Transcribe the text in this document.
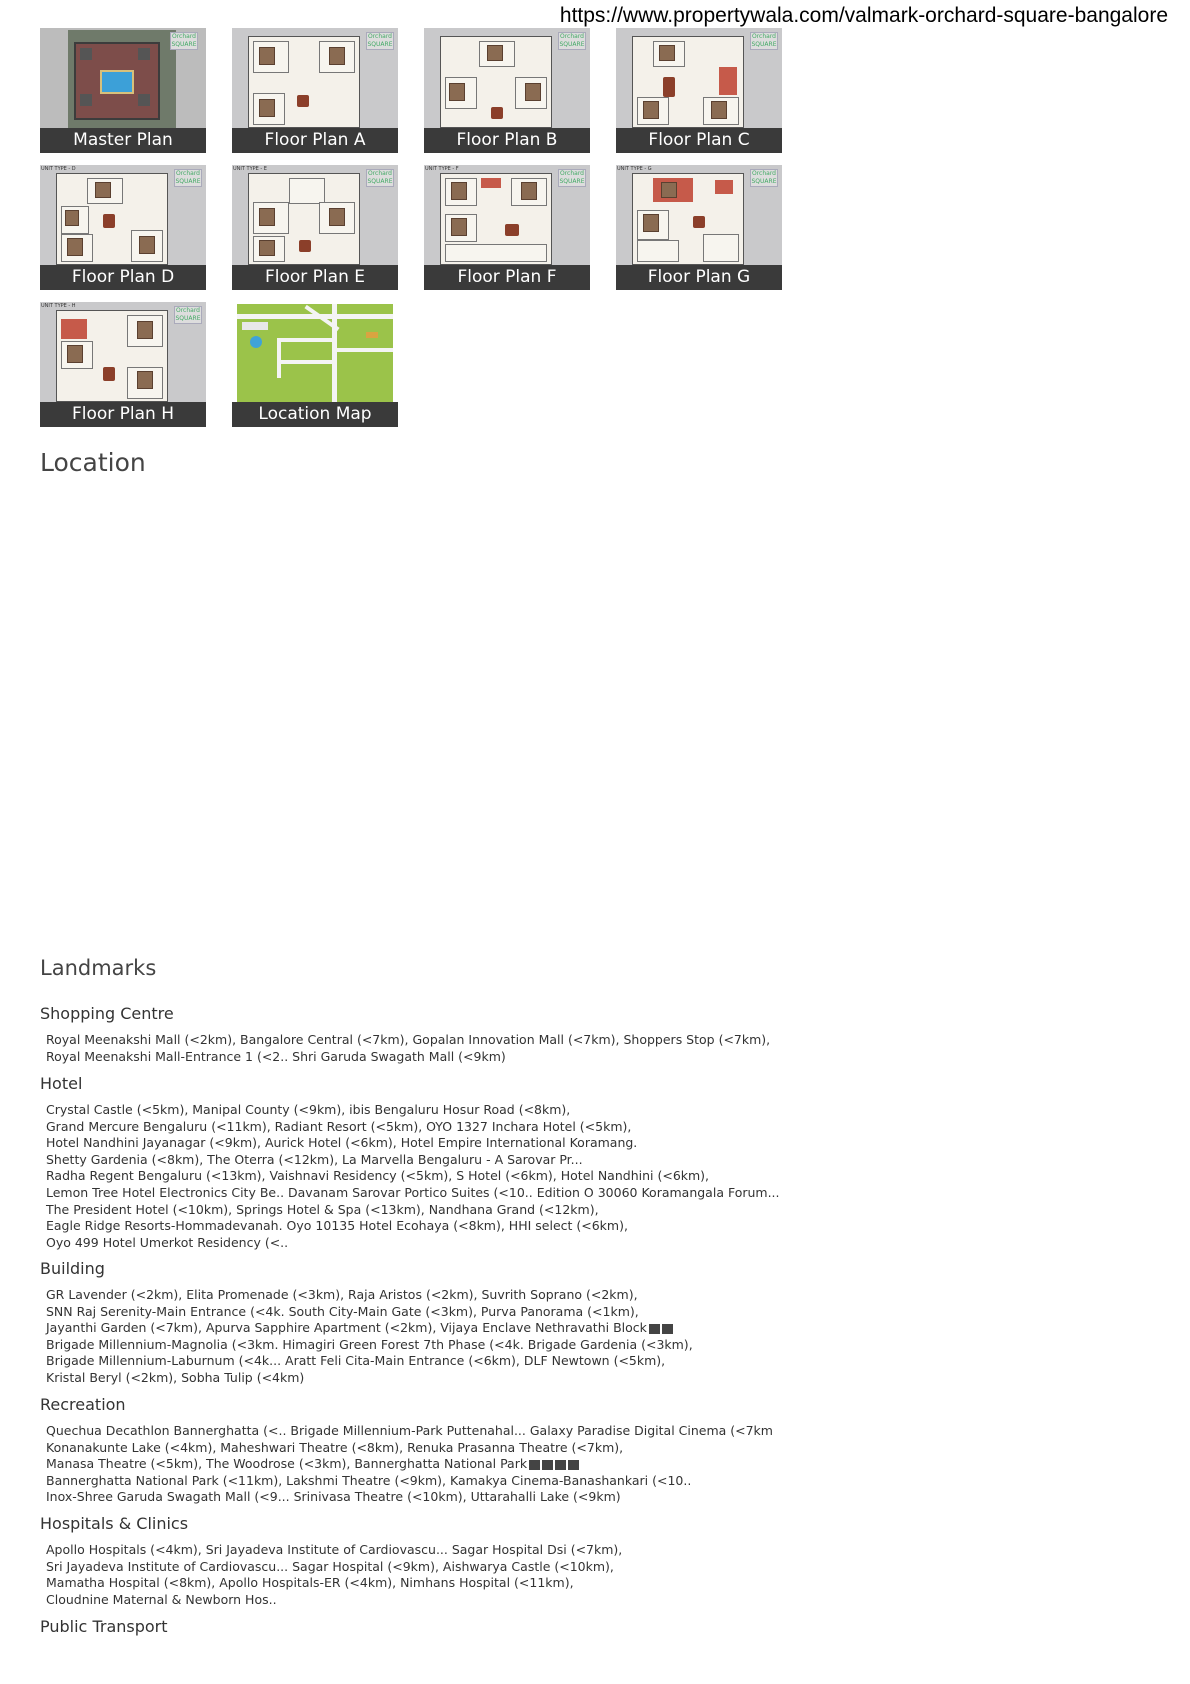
https://www.propertywala.com/valmark-orchard-square-bangalore
Orchard SQUARE
Master Plan
Orchard SQUARE
Floor Plan A
Orchard SQUARE
Floor Plan B
Orchard SQUARE
Floor Plan C
UNIT TYPE - D
Orchard SQUARE
Floor Plan D
UNIT TYPE - E
Orchard SQUARE
Floor Plan E
UNIT TYPE - F
Orchard SQUARE
Floor Plan F
UNIT TYPE - G
Orchard SQUARE
Floor Plan G
UNIT TYPE - H
Orchard SQUARE
Floor Plan H	Location Map
Location
Landmarks
Shopping Centre
Royal Meenakshi Mall (<2km), Bangalore Central (<7km), Gopalan Innovation Mall (<7km), Shoppers Stop (<7km),
Royal Meenakshi Mall-Entrance 1 (<2.. Shri Garuda Swagath Mall (<9km)
Hotel
Crystal Castle (<5km), Manipal County (<9km), ibis Bengaluru Hosur Road (<8km),
Grand Mercure Bengaluru (<11km), Radiant Resort (<5km), OYO 1327 Inchara Hotel (<5km),
Hotel Nandhini Jayanagar (<9km), Aurick Hotel (<6km), Hotel Empire International Koramang.
Shetty Gardenia (<8km), The Oterra (<12km), La Marvella Bengaluru - A Sarovar Pr...
Radha Regent Bengaluru (<13km), Vaishnavi Residency (<5km), S Hotel (<6km), Hotel Nandhini (<6km),
Lemon Tree Hotel Electronics City Be.. Davanam Sarovar Portico Suites (<10.. Edition O 30060 Koramangala Forum...
The President Hotel (<10km), Springs Hotel & Spa (<13km), Nandhana Grand (<12km),
Eagle Ridge Resorts-Hommadevanah. Oyo 10135 Hotel Ecohaya (<8km), HHI select (<6km),
Oyo 499 Hotel Umerkot Residency (<..
Building
GR Lavender (<2km), Elita Promenade (<3km), Raja Aristos (<2km), Suvrith Soprano (<2km),
SNN Raj Serenity-Main Entrance (<4k. South City-Main Gate (<3km), Purva Panorama (<1km),
Jayanthi Garden (<7km), Apurva Sapphire Apartment (<2km), Vijaya Enclave Nethravathi Block
Brigade Millennium-Magnolia (<3km. Himagiri Green Forest 7th Phase (<4k. Brigade Gardenia (<3km),
Brigade Millennium-Laburnum (<4k... Aratt Feli Cita-Main Entrance (<6km), DLF Newtown (<5km),
Kristal Beryl (<2km), Sobha Tulip (<4km)
Recreation
Quechua Decathlon Bannerghatta (<.. Brigade Millennium-Park Puttenahal... Galaxy Paradise Digital Cinema (<7km
Konanakunte Lake (<4km), Maheshwari Theatre (<8km), Renuka Prasanna Theatre (<7km),
Manasa Theatre (<5km), The Woodrose (<3km), Bannerghatta National Park
Bannerghatta National Park (<11km), Lakshmi Theatre (<9km), Kamakya Cinema-Banashankari (<10..
Inox-Shree Garuda Swagath Mall (<9... Srinivasa Theatre (<10km), Uttarahalli Lake (<9km)
Hospitals & Clinics
Apollo Hospitals (<4km), Sri Jayadeva Institute of Cardiovascu... Sagar Hospital Dsi (<7km),
Sri Jayadeva Institute of Cardiovascu... Sagar Hospital (<9km), Aishwarya Castle (<10km),
Mamatha Hospital (<8km), Apollo Hospitals-ER (<4km), Nimhans Hospital (<11km),
Cloudnine Maternal & Newborn Hos..
Public Transport
